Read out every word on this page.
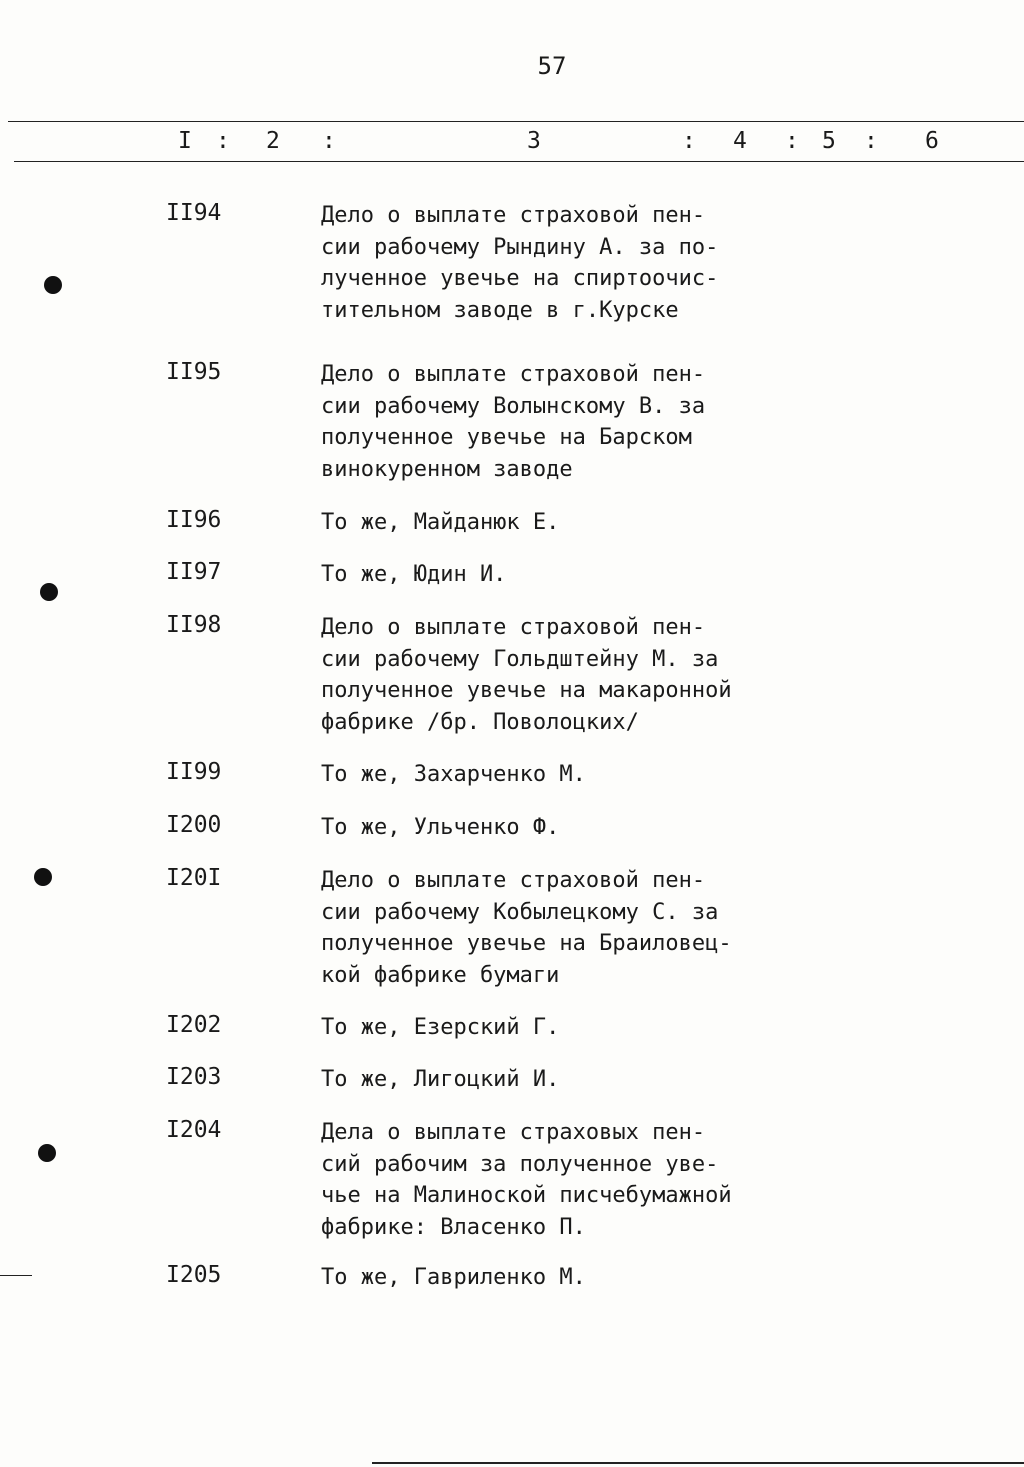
57
I : 2 :	3	: 4 : 5 : 6
II94	Дело о выплате страховой пен-
сии рабочему Рындину А. за по-
лученное увечье на спиртоочис-
тительном заводе в г.Курске
II95	Дело о выплате страховой пен-
сии рабочему Волынскому В. за
полученное увечье на Барском
винокуренном заводе
II96	То же, Майданюк Е.
II97	То же, Юдин И.
II98	Дело о выплате страховой пен-
сии рабочему Гольдштейну М. за
полученное увечье на макаронной
фабрике /бр. Поволоцких/
II99	То же, Захарченко М.
I200	То же, Ульченко Ф.
I20I	Дело о выплате страховой пен-
сии рабочему Кобылецкому С. за
полученное увечье на Браиловец-
кой фабрике бумаги
I202	То же, Езерский Г.
I203	То же, Лигоцкий И.
I204	Дела о выплате страховых пен-
сий рабочим за полученное уве-
чье на Малиноской писчебумажной
фабрике: Власенко П.
I205	То же, Гавриленко М.
